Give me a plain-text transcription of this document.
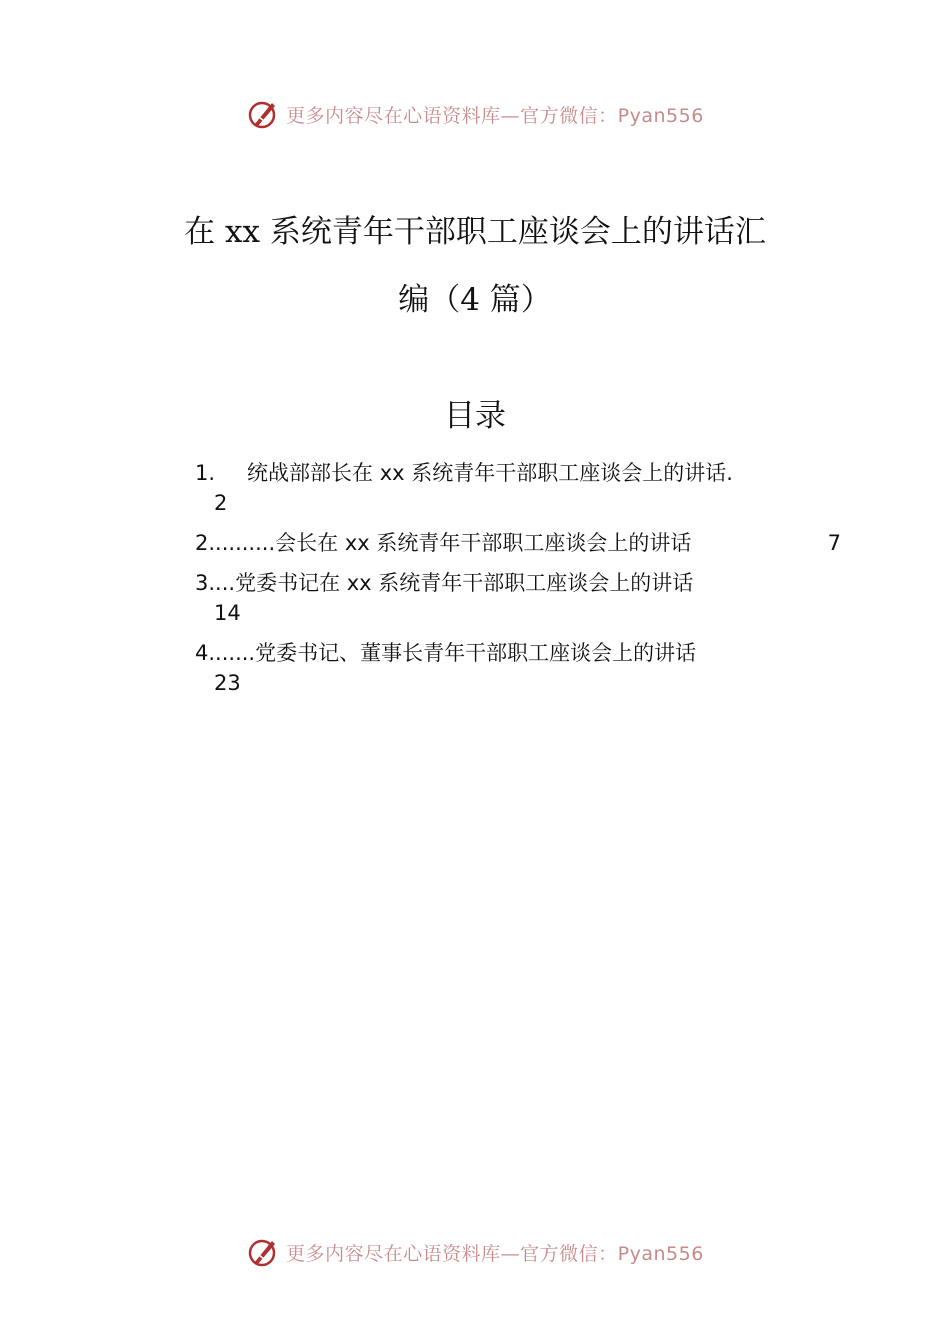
更多内容尽在心语资料库—官方微信：Pyan556
在 xx 系统青年干部职工座谈会上的讲话汇
编（4 篇）
目录
1. 统战部部长在 xx 系统青年干部职工座谈会上的讲话.
2
2..........会长在 xx 系统青年干部职工座谈会上的讲话	7
3....党委书记在 xx 系统青年干部职工座谈会上的讲话
14
4.......党委书记、董事长青年干部职工座谈会上的讲话
23
更多内容尽在心语资料库—官方微信：Pyan556
